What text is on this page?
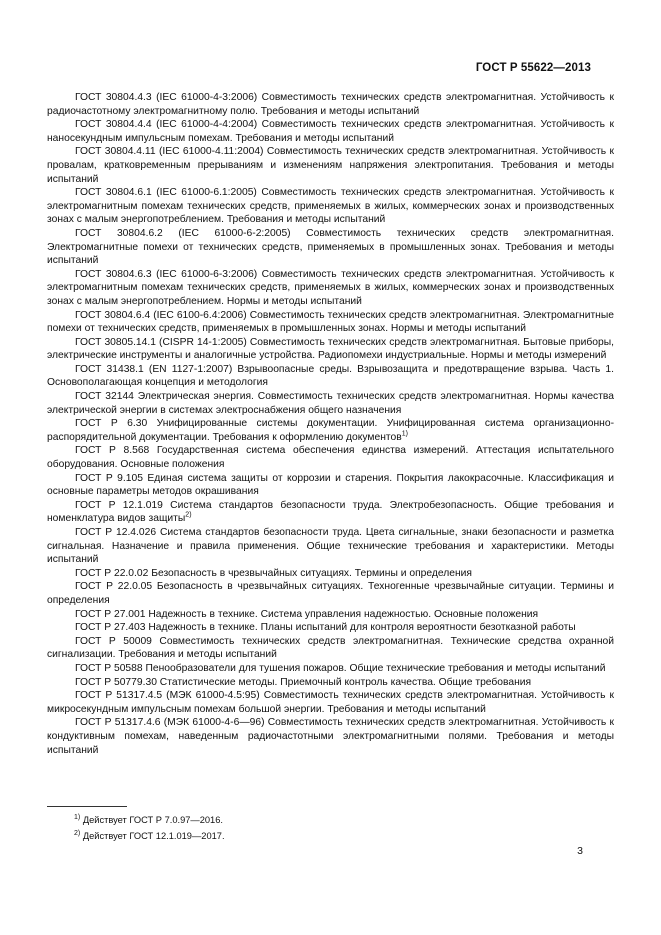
ГОСТ Р 55622—2013

ГОСТ 30804.4.3 (IEC 61000-4-3:2006) Совместимость технических средств электромагнитная. Устойчивость к радиочастотному электромагнитному полю. Требования и методы испытаний

ГОСТ 30804.4.4 (IEC 61000-4-4:2004) Совместимость технических средств электромагнитная. Устойчивость к наносекундным импульсным помехам. Требования и методы испытаний

ГОСТ 30804.4.11 (IEC 61000-4.11:2004) Совместимость технических средств электромагнитная. Устойчивость к провалам, кратковременным прерываниям и изменениям напряжения электропитания. Требования и методы испытаний

ГОСТ 30804.6.1 (IEC 61000-6.1:2005) Совместимость технических средств электромагнитная. Устойчивость к электромагнитным помехам технических средств, применяемых в жилых, коммерческих зонах и производственных зонах с малым энергопотреблением. Требования и методы испытаний

ГОСТ 30804.6.2 (IEC 61000-6-2:2005) Совместимость технических средств электромагнитная. Электромагнитные помехи от технических средств, применяемых в промышленных зонах. Требования и методы испытаний

ГОСТ 30804.6.3 (IEC 61000-6-3:2006) Совместимость технических средств электромагнитная. Устойчивость к электромагнитным помехам технических средств, применяемых в жилых, коммерческих зонах и производственных зонах с малым энергопотреблением. Нормы и методы испытаний

ГОСТ 30804.6.4 (IEC 6100-6.4:2006) Совместимость технических средств электромагнитная. Электромагнитные помехи от технических средств, применяемых в промышленных зонах. Нормы и методы испытаний

ГОСТ 30805.14.1 (CISPR 14-1:2005) Совместимость технических средств электромагнитная. Бытовые приборы, электрические инструменты и аналогичные устройства. Радиопомехи индустриальные. Нормы и методы измерений

ГОСТ 31438.1 (EN 1127-1:2007) Взрывоопасные среды. Взрывозащита и предотвращение взрыва. Часть 1. Основополагающая концепция и методология

ГОСТ 32144 Электрическая энергия. Совместимость технических средств электромагнитная. Нормы качества электрической энергии в системах электроснабжения общего назначения

ГОСТ Р 6.30 Унифицированные системы документации. Унифицированная система организационно-распорядительной документации. Требования к оформлению документов$^{1)}$

ГОСТ Р 8.568 Государственная система обеспечения единства измерений. Аттестация испытательного оборудования. Основные положения

ГОСТ Р 9.105 Единая система защиты от коррозии и старения. Покрытия лакокрасочные. Классификация и основные параметры методов окрашивания

ГОСТ Р 12.1.019 Система стандартов безопасности труда. Электробезопасность. Общие требования и номенклатура видов защиты$^{2)}$

ГОСТ Р 12.4.026 Система стандартов безопасности труда. Цвета сигнальные, знаки безопасности и разметка сигнальная. Назначение и правила применения. Общие технические требования и характеристики. Методы испытаний

ГОСТ Р 22.0.02 Безопасность в чрезвычайных ситуациях. Термины и определения

ГОСТ Р 22.0.05 Безопасность в чрезвычайных ситуациях. Техногенные чрезвычайные ситуации. Термины и определения

ГОСТ Р 27.001 Надежность в технике. Система управления надежностью. Основные положения

ГОСТ Р 27.403 Надежность в технике. Планы испытаний для контроля вероятности безотказной работы

ГОСТ Р 50009 Совместимость технических средств электромагнитная. Технические средства охранной сигнализации. Требования и методы испытаний

ГОСТ Р 50588 Пенообразователи для тушения пожаров. Общие технические требования и методы испытаний

ГОСТ Р 50779.30 Статистические методы. Приемочный контроль качества. Общие требования

ГОСТ Р 51317.4.5 (МЭК 61000-4.5:95) Совместимость технических средств электромагнитная. Устойчивость к микросекундным импульсным помехам большой энергии. Требования и методы испытаний

ГОСТ Р 51317.4.6 (МЭК 61000-4-6—96) Совместимость технических средств электромагнитная. Устойчивость к кондуктивным помехам, наведенным радиочастотными электромагнитными полями. Требования и методы испытаний

$^{1)}$ Действует ГОСТ Р 7.0.97—2016.

$^{2)}$ Действует ГОСТ 12.1.019—2017.

3
